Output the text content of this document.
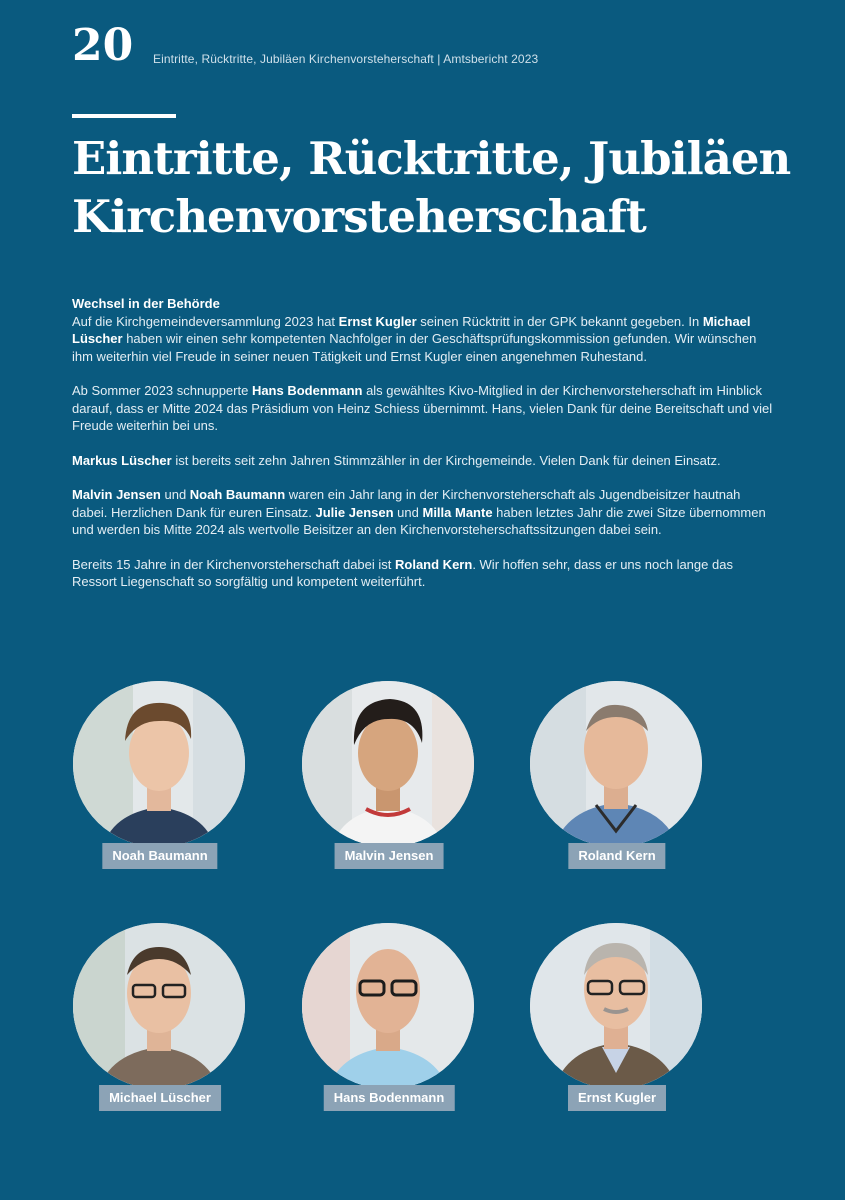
20 Eintritte, Rücktritte, Jubiläen Kirchenvorsteherschaft | Amtsbericht 2023
Eintritte, Rücktritte, Jubiläen
Kirchenvorsteherschaft

Wechsel in der Behörde
Auf die Kirchgemeindeversammlung 2023 hat Ernst Kugler seinen Rücktritt in der GPK bekannt gegeben. In Michael Lüscher haben wir einen sehr kompetenten Nachfolger in der Geschäftsprüfungskommission gefunden. Wir wünschen ihm weiterhin viel Freude in seiner neuen Tätigkeit und Ernst Kugler einen angenehmen Ruhestand.

Ab Sommer 2023 schnupperte Hans Bodenmann als gewähltes Kivo-Mitglied in der Kirchenvorsteherschaft im Hinblick darauf, dass er Mitte 2024 das Präsidium von Heinz Schiess übernimmt. Hans, vielen Dank für deine Bereitschaft und viel Freude weiterhin bei uns.

Markus Lüscher ist bereits seit zehn Jahren Stimmzähler in der Kirchgemeinde. Vielen Dank für deinen Einsatz.

Malvin Jensen und Noah Baumann waren ein Jahr lang in der Kirchenvorsteherschaft als Jugendbeisitzer hautnah dabei. Herzlichen Dank für euren Einsatz. Julie Jensen und Milla Mante haben letztes Jahr die zwei Sitze übernommen und werden bis Mitte 2024 als wertvolle Beisitzer an den Kirchenvorsteherschaftssitzungen dabei sein.

Bereits 15 Jahre in der Kirchenvorsteherschaft dabei ist Roland Kern. Wir hoffen sehr, dass er uns noch lange das Ressort Liegenschaft so sorgfältig und kompetent weiterführt.

Noah Baumann	Malvin Jensen	Roland Kern
Michael Lüscher	Hans Bodenmann	Ernst Kugler
